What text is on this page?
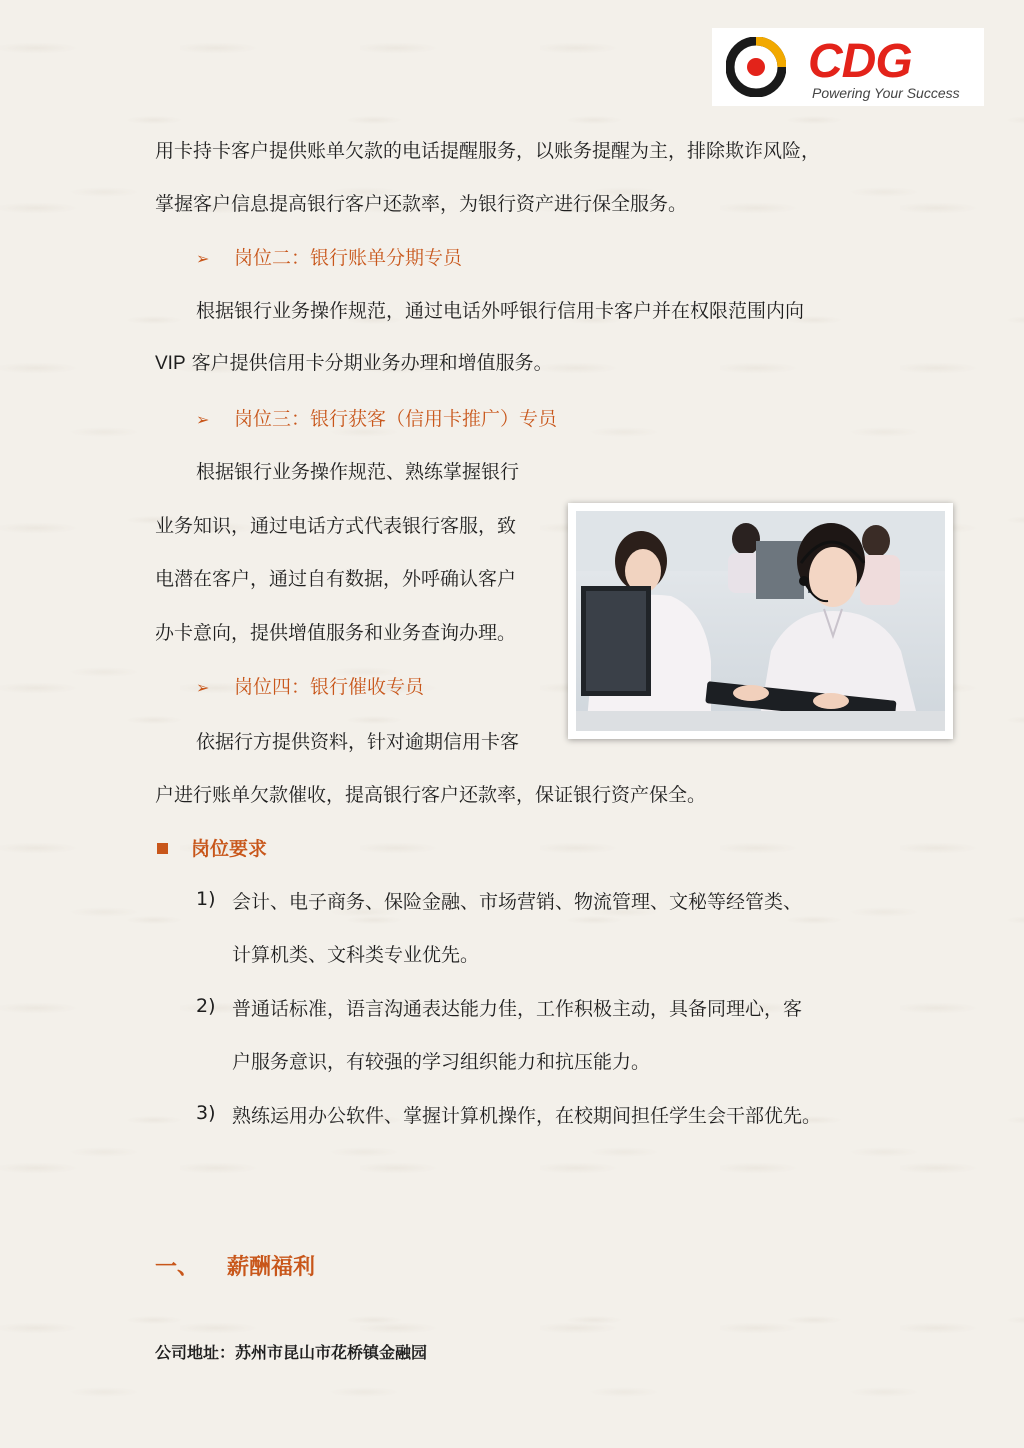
CDG
Powering Your Success
用卡持卡客户提供账单欠款的电话提醒服务，以账务提醒为主，排除欺诈风险，
掌握客户信息提高银行客户还款率，为银行资产进行保全服务。
➢ 岗位二：银行账单分期专员
根据银行业务操作规范，通过电话外呼银行信用卡客户并在权限范围内向
VIP 客户提供信用卡分期业务办理和增值服务。
➢ 岗位三：银行获客（信用卡推广）专员
根据银行业务操作规范、熟练掌握银行
业务知识，通过电话方式代表银行客服，致
电潜在客户，通过自有数据，外呼确认客户
办卡意向，提供增值服务和业务查询办理。
➢ 岗位四：银行催收专员
依据行方提供资料，针对逾期信用卡客
户进行账单欠款催收，提高银行客户还款率，保证银行资产保全。
岗位要求
1) 会计、电子商务、保险金融、市场营销、物流管理、文秘等经管类、
计算机类、文科类专业优先。
2) 普通话标准，语言沟通表达能力佳，工作积极主动，具备同理心，客
户服务意识，有较强的学习组织能力和抗压能力。
3) 熟练运用办公软件、掌握计算机操作，在校期间担任学生会干部优先。
一、 薪酬福利
公司地址：苏州市昆山市花桥镇金融园
